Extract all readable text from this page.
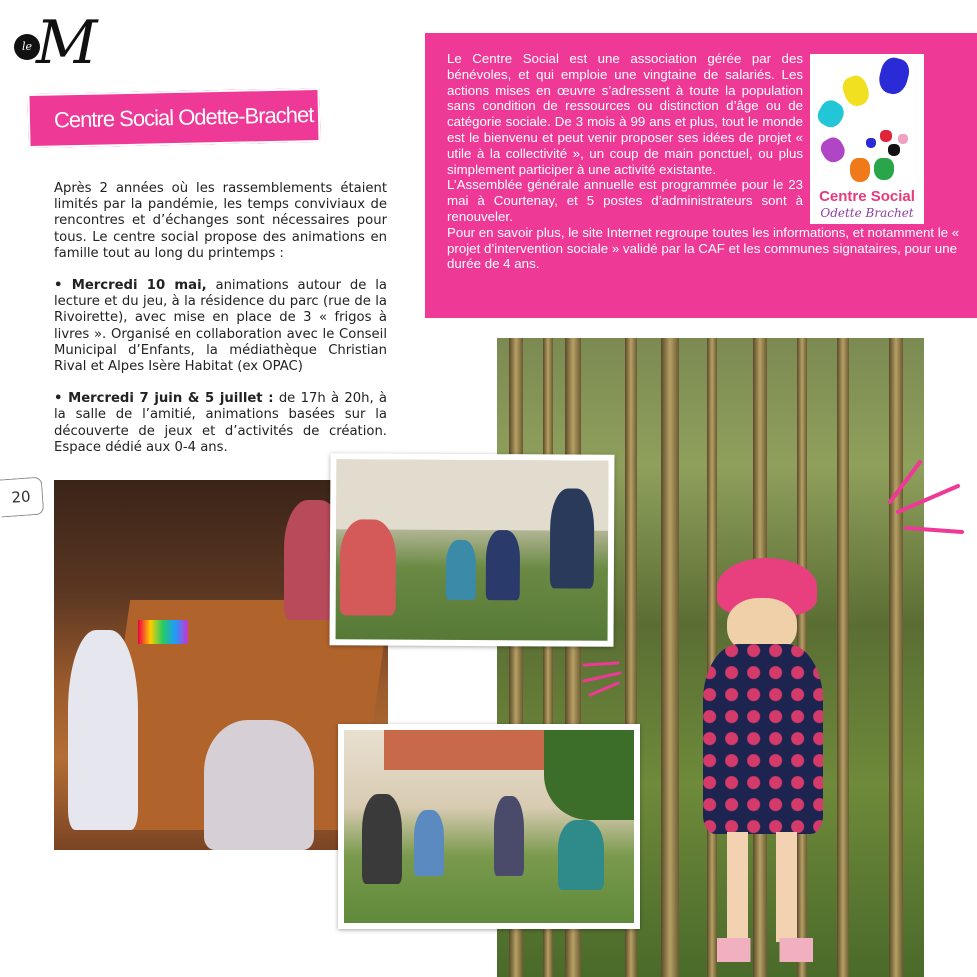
le M
Centre Social Odette-Brachet

Après 2 années où les rassemblements étaient limités par la pandémie, les temps conviviaux de rencontres et d’échanges sont nécessaires pour tous. Le centre social propose des animations en famille tout au long du printemps :

• Mercredi 10 mai, animations autour de la lecture et du jeu, à la résidence du parc (rue de la Rivoirette), avec mise en place de 3 « frigos à livres ». Organisé en collaboration avec le Conseil Municipal d’Enfants, la médiathèque Christian Rival et Alpes Isère Habitat (ex OPAC)

• Mercredi 7 juin & 5 juillet : de 17h à 20h, à la salle de l’amitié, animations basées sur la découverte de jeux et d’activités de création. Espace dédié aux 0-4 ans.

20

Le Centre Social est une association gérée par des bénévoles, et qui emploie une vingtaine de salariés. Les actions mises en œuvre s’adressent à toute la population sans condition de ressources ou distinction d’âge ou de catégorie sociale. De 3 mois à 99 ans et plus, tout le monde est le bienvenu et peut venir proposer ses idées de projet « utile à la collectivité », un coup de main ponctuel, ou plus simplement participer à une activité existante.

L’Assemblée générale annuelle est programmée pour le 23 mai à Courtenay, et 5 postes d’administrateurs sont à renouveler.

Pour en savoir plus, le site Internet regroupe toutes les informations, et notamment le « projet d’intervention sociale » validé par la CAF et les communes signataires, pour une durée de 4 ans.

Centre Social
Odette Brachet
